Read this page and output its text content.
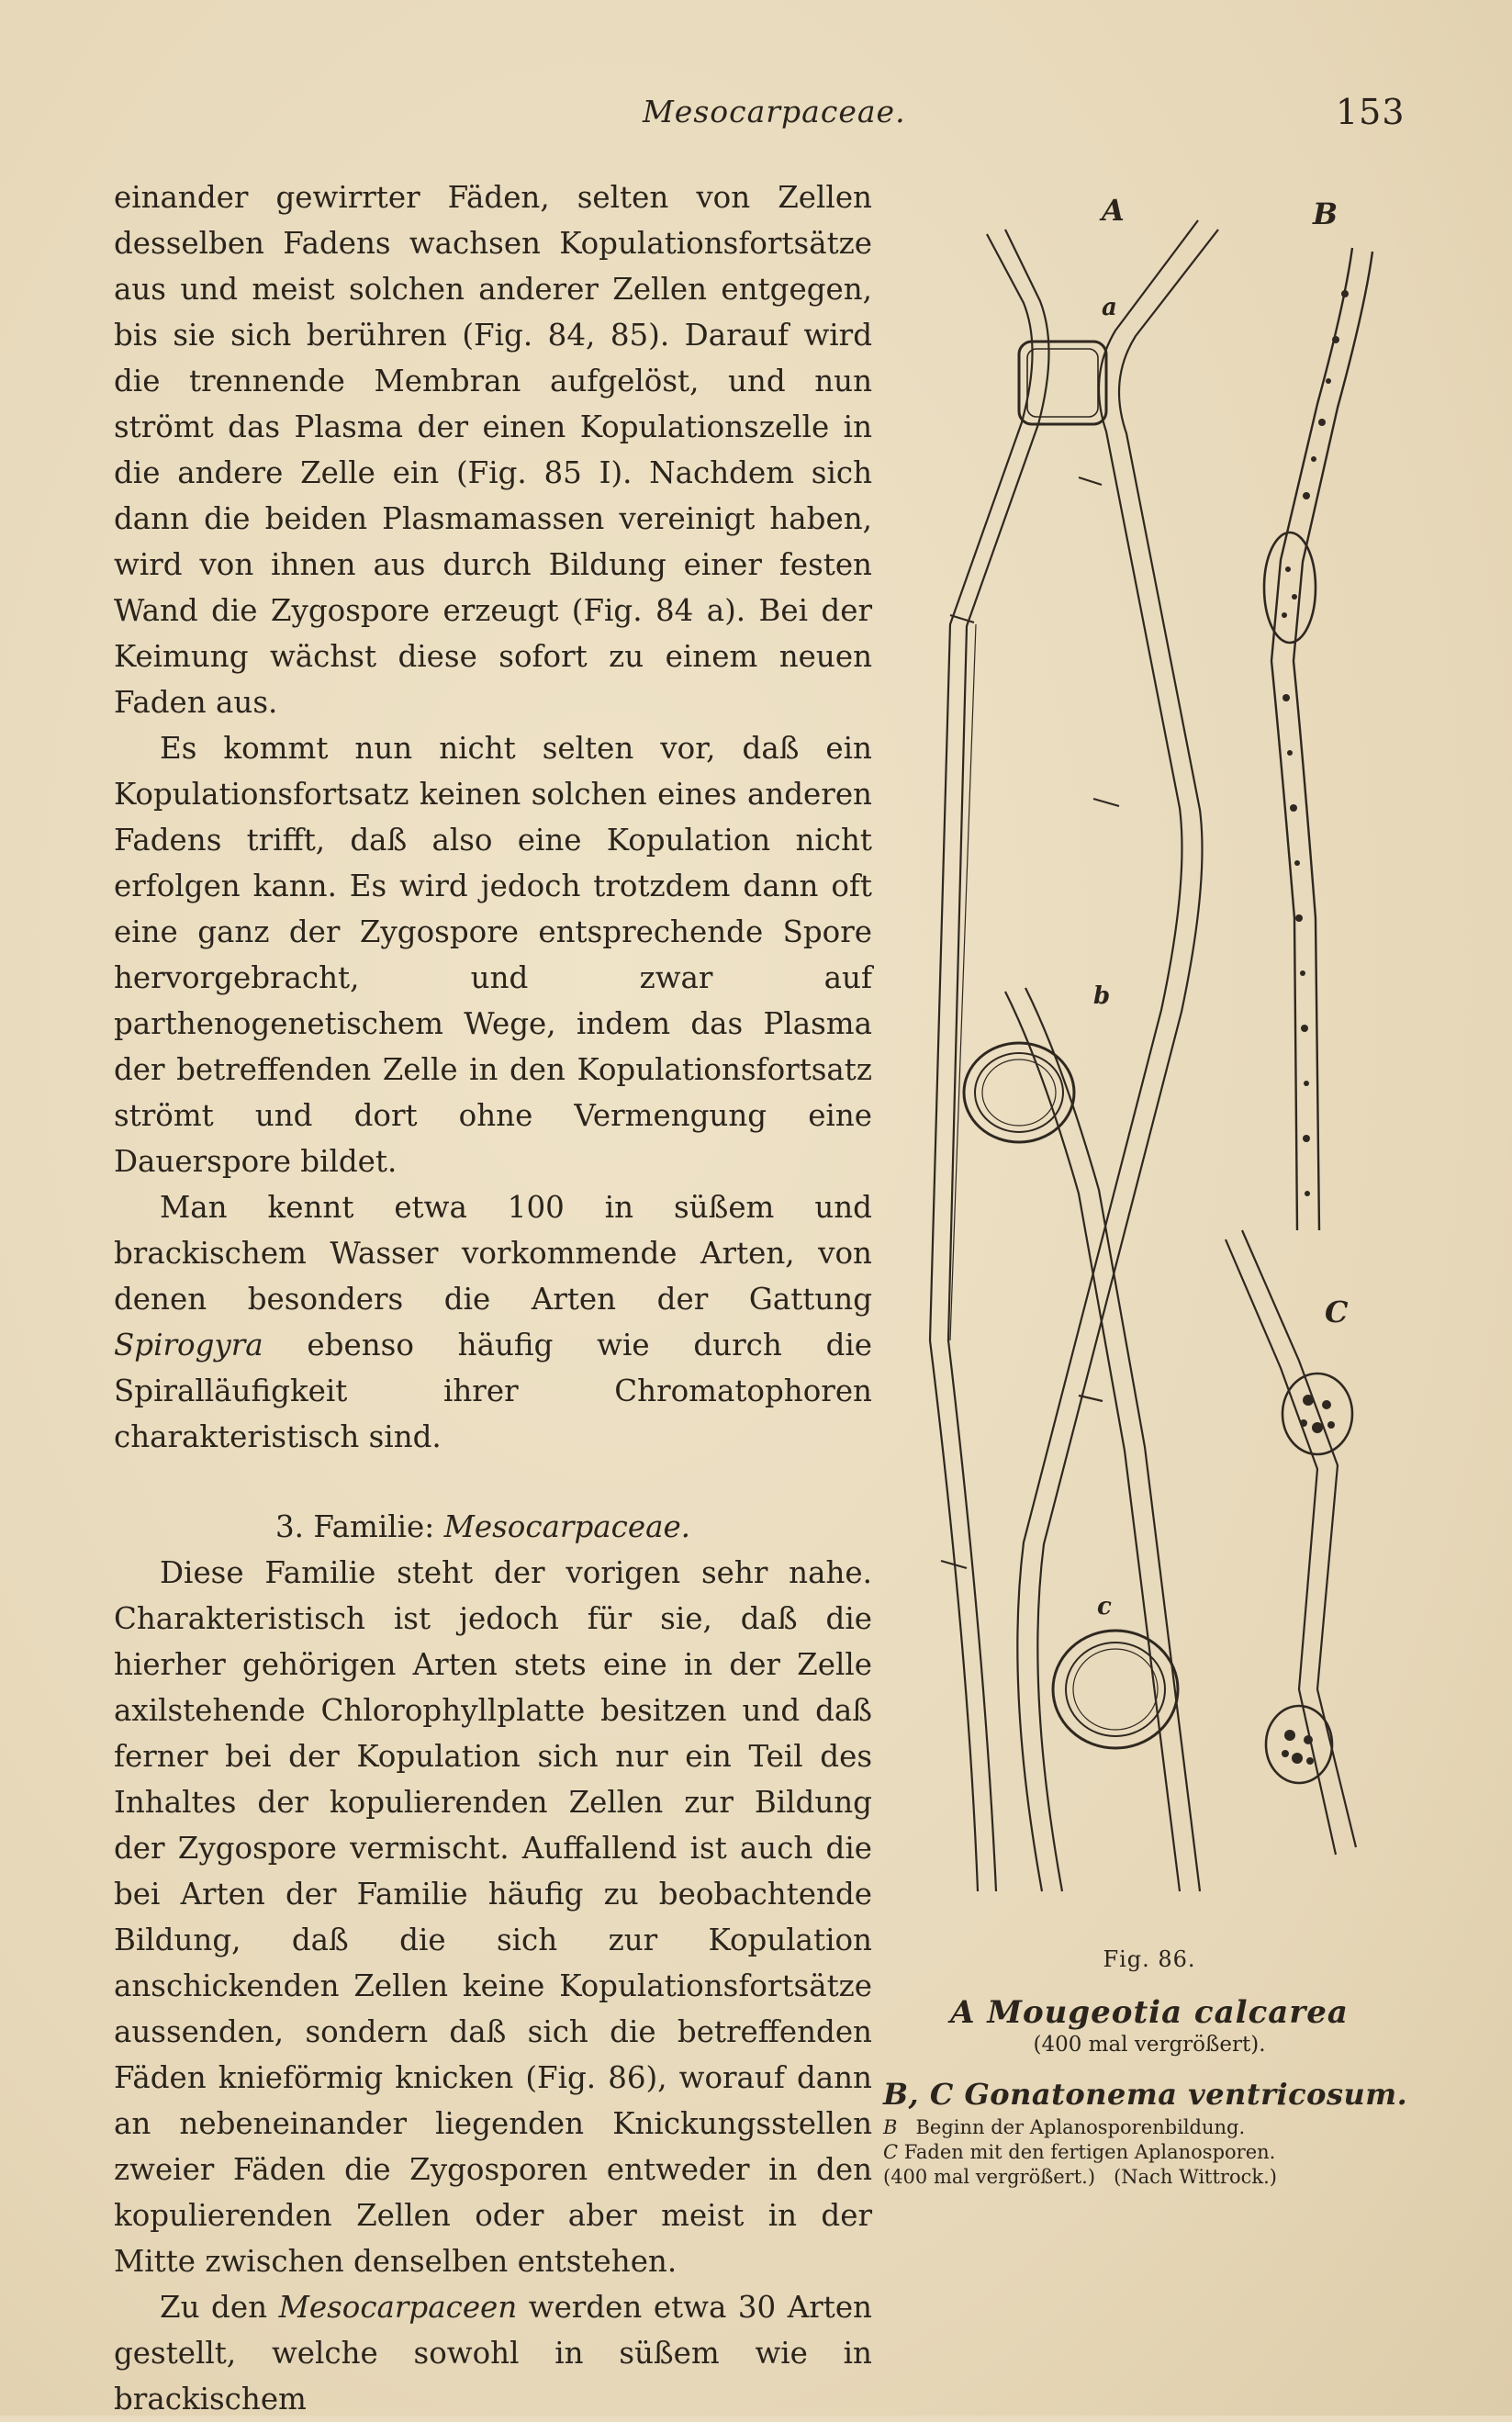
Mesocarpaceae.	153

einander gewirrter Fäden, selten von Zellen desselben Fadens wachsen Kopulationsfortsätze aus und meist solchen anderer Zellen entgegen, bis sie sich berühren (Fig. 84, 85). Darauf wird die trennende Membran aufgelöst, und nun strömt das Plasma der einen Kopulationszelle in die andere Zelle ein (Fig. 85 I). Nachdem sich dann die beiden Plasmamassen vereinigt haben, wird von ihnen aus durch Bildung einer festen Wand die Zygospore erzeugt (Fig. 84 a). Bei der Keimung wächst diese sofort zu einem neuen Faden aus.

Es kommt nun nicht selten vor, daß ein Kopulationsfortsatz keinen solchen eines anderen Fadens trifft, daß also eine Kopulation nicht erfolgen kann. Es wird jedoch trotzdem dann oft eine ganz der Zygospore entsprechende Spore hervorgebracht, und zwar auf parthenogenetischem Wege, indem das Plasma der betreffenden Zelle in den Kopulationsfortsatz strömt und dort ohne Vermengung eine Dauerspore bildet.

Man kennt etwa 100 in süßem und brackischem Wasser vorkommende Arten, von denen besonders die Arten der Gattung Spirogyra ebenso häufig wie durch die Spiralläufigkeit ihrer Chromatophoren charakteristisch sind.

3. Familie: Mesocarpaceae.

Diese Familie steht der vorigen sehr nahe. Charakteristisch ist jedoch für sie, daß die hierher gehörigen Arten stets eine in der Zelle axilstehende Chlorophyllplatte besitzen und daß ferner bei der Kopulation sich nur ein Teil des Inhaltes der kopulierenden Zellen zur Bildung der Zygospore vermischt. Auffallend ist auch die bei Arten der Familie häufig zu beobachtende Bildung, daß die sich zur Kopulation anschickenden Zellen keine Kopulationsfortsätze aussenden, sondern daß sich die betreffenden Fäden knieförmig knicken (Fig. 86), worauf dann an nebeneinander liegenden Knickungsstellen zweier Fäden die Zygosporen entweder in den kopulierenden Zellen oder aber meist in der Mitte zwischen denselben entstehen.

Zu den Mesocarpaceen werden etwa 30 Arten gestellt, welche sowohl in süßem wie in brackischem

A	B
C
a
b
c
Fig. 86.
A Mougeotia calcarea
(400 mal vergrößert).
B, C Gonatonema ventricosum.
B Beginn der Aplanosporenbildung.
C Faden mit den fertigen Aplanosporen.
(400 mal vergrößert.) (Nach Wittrock.)
